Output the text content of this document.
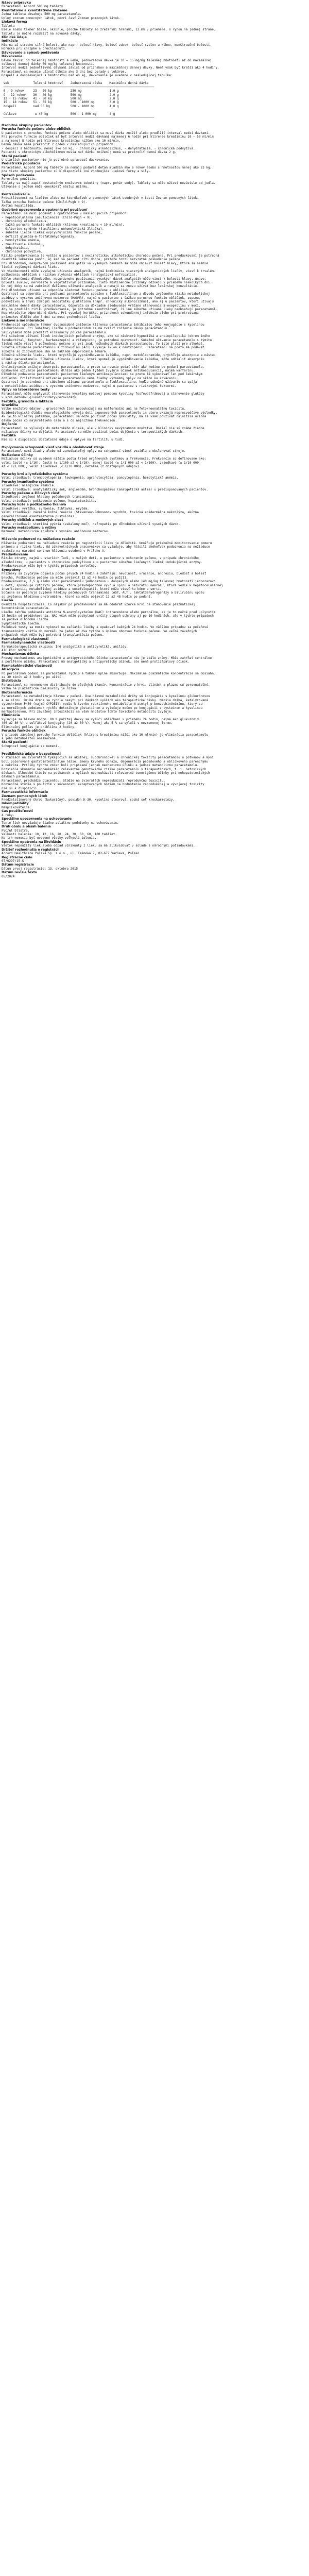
Názov prípravku
Paracetamol Accord 500 mg tablety
Kvalitatívne a kvantitatívne zloženie
Jedna tableta obsahuje 500 mg paracetamolu.
Úplný zoznam pomocných látok, pozri časť Zoznam pomocných látok.
Lieková forma
Tableta
Biele alebo takmer biele, okrúhle, ploché tablety so zrezanými hranami, 12 mm v priemere, s ryhou na jednej strane.
Tabletu je možné rozdeliť na rovnaké dávky.
Klinické údaje
Indikácie
Mierna až stredne silná bolesť, ako napr. bolesť hlavy, bolesť zubov, bolesť svalov a kĺbov, menštruačné bolesti.
Horúčka pri chrípke a prechladnutí.
Dávkovanie a spôsob podávania
Dávkovanie
Dávka závisí od telesnej hmotnosti a veku; jednorazová dávka je 10 – 15 mg/kg telesnej hmotnosti až do maximálnej
celkovej dennej dávky 60 mg/kg telesnej hmotnosti.
Interval medzi jednotlivými dávkami závisí od príznakov a maximálnej dennej dávky. Nemá však byť kratší ako 4 hodiny.
Paracetamol sa nesmie užívať dlhšie ako 3 dni bez porady s lekárom.
Dospelí a dospievajúci s hmotnosťou nad 40 kg, dávkovanie je uvedené v nasledujúcej tabuľke:
Vek             Telesná hmotnosť    Jednorazová dávka    Maximálna denná dávka
─────────────────────────────────────────────────────────────────────────────────
6 - 9 rokov     23 - 29 kg          250 mg               1,0 g
9 - 12 rokov    30 - 40 kg          500 mg               2,0 g
12 - 15 rokov   41 - 50 kg          500 mg               2,0 g
15 - 18 rokov   51 - 55 kg          500 - 1000 mg        3,0 g
dospelí         nad 55 kg           500 - 1000 mg        4,0 g
Celkovo          ≥ 40 kg            500 - 1 000 mg       4 g
─────────────────────────────────────────────────────────────────────────────────
Osobitné skupiny pacientov
Porucha funkcie pečene alebo obličiek
U pacientov s poruchou funkcie pečene alebo obličiek sa musí dávka znížiť alebo predĺžiť interval medzi dávkami.
Pri poruche funkcie obličiek má byť interval medzi dávkami najmenej 6 hodín pri klírense kreatinínu 10 – 50 ml/min
a najmenej 8 hodín pri klírense kreatinínu nižšom ako 10 ml/min.
Denná dávka nemá prekročiť 2 g/deň v nasledujúcich prípadoch:
- dospelí s hmotnosťou menej ako 50 kg, - chronický alkoholizmus, - dehydratácia, - chronická podvýživa.
Pacienti s chronickým alkoholizmom musia mať dávku zníženú; nemá sa prekročiť denná dávka 2 g.
Starší pacienti
U starších pacientov nie je potrebné upravovať dávkovanie.
Pediatrická populácia
Paracetamol Accord 500 mg tablety sa nemajú podávať deťom mladším ako 6 rokov alebo s hmotnosťou menej ako 23 kg,
pre tieto skupiny pacientov sú k dispozícii iné vhodnejšie liekové formy a sily.
Spôsob podávania
Perorálne použitie.
Tablety sa majú zapiť dostatočným množstvom tekutiny (napr. pohár vody). Tablety sa môžu užívať nezávisle od jedla.
Užívanie s jedlom môže oneskoriť nástup účinku.
Kontraindikácie
Precitlivenosť na liečivo alebo na ktorúkoľvek z pomocných látok uvedených v časti Zoznam pomocných látok.
Ťažká porucha funkcie pečene (Child-Pugh > 9).
Akútna hepatitída.
Osobitné upozornenia a opatrenia pri používaní
Paracetamol sa musí podávať s opatrnosťou v nasledujúcich prípadoch:
- hepatocelulárna insuficiencia (Child-Pugh < 9),
- chronický alkoholizmus,
- ťažká porucha funkcie obličiek (klírens kreatinínu < 10 ml/min),
- Gilbertov syndróm (familiárna nehemolytická žltačka),
- súbežná liečba liekmi ovplyvňujúcimi funkcie pečene,
- deficit glukóza-6-fosfátdehydrogenázy,
- hemolytická anémia,
- zneužívanie alkoholu,
- dehydratácia,
- chronická podvýživa.
Riziko predávkovania je vyššie u pacientov s necirhotickou alkoholickou chorobou pečene. Pri predávkovaní je potrebná
okamžitá lekárska pomoc, aj keď sa pacient cíti dobre, pretože hrozí nezvratné poškodenie pečene.
Pri dlhodobom, nesprávnom používaní analgetík vo vysokých dávkach sa môže objaviť bolesť hlavy, ktorá sa nesmie
liečiť zvýšenými dávkami lieku.
Vo všeobecnosti môže zvyčajné užívanie analgetík, najmä kombinácia viacerých analgetických liečiv, viesť k trvalému
poškodeniu obličiek s rizikom zlyhania obličiek (analgetická nefropatia).
Náhle ukončenie dlhodobého, nesprávneho používania vysokých dávok analgetík môže viesť k bolesti hlavy, únave,
bolesti svalov, nervozite a vegetatívnym príznakom. Tieto abstinenčné príznaky odznejú v priebehu niekoľkých dní.
Do tej doby sa má zabrániť ďalšiemu užívaniu analgetík a nemajú sa znovu užívať bez lekárskej konzultácie.
Pri dlhodobom užívaní sa odporúča sledovať funkciu pečene a obličiek.
Opatrnosť sa odporúča pri podávaní paracetamolu súbežne s flukloxacilínom z dôvodu zvýšeného rizika metabolickej
acidózy s vysokou aniónovou medzerou (HAGMA), najmä u pacientov s ťažkou poruchou funkcie obličiek, sepsou,
podvýživou a inými zdrojmi nedostatku glutatiónu (napr. chronický alkoholizmus), ako aj u pacientov, ktorí užívajú
maximálne denné dávky paracetamolu. Odporúča sa dôkladné sledovanie vrátane stanovenia 5-oxoprolínu v moči.
Aby sa predišlo riziku predávkovania, je potrebné skontrolovať, či iné súbežne užívané lieky neobsahujú paracetamol.
Neprekračujte odporúčanú dávku. Pri vysokej horúčke, príznakoch sekundárnej infekcie alebo pri pretrvávaní
príznakov dlhšie ako 3 dni sa musí prehodnotiť liečba.
Liekové a iné interakcie
Probenecid spôsobuje takmer dvojnásobné zníženie klírensu paracetamolu inhibíciou jeho konjugácie s kyselinou
glukurónovou. Pri súbežnej liečbe s probenecidom sa má zvážiť zníženie dávky paracetamolu.
Salicylamid môže predĺžiť eliminačný polčas paracetamolu.
Pri súbežnom užívaní látok indukujúcich pečeňové enzýmy, ako sú niektoré hypnotiká a antiepileptiká (okrem iného
fenobarbital, fenytoín, karbamazepín) a rifampicín, je potrebná opatrnosť. Súbežné užívanie paracetamolu s týmito
liekmi môže viesť k poškodeniu pečene aj pri inak neškodných dávkach paracetamolu. To isté platí pre alkohol.
Súbežné užívanie paracetamolu a zidovudínu (AZT) zvyšuje sklon k neutropénii. Paracetamol sa preto má podávať
súbežne so zidovudínom iba na základe odporúčania lekára.
Súbežné užívanie liekov, ktoré urýchľujú vyprázdňovanie žalúdka, napr. metoklopramidu, urýchľuje absorpciu a nástup
účinku paracetamolu. Súbežné užívanie liekov, ktoré spomaľujú vyprázdňovanie žalúdka, môže oddialiť absorpciu
a nástup účinku paracetamolu.
Cholestyramín znižuje absorpciu paracetamolu, a preto sa nesmie podať skôr ako hodinu po podaní paracetamolu.
Opakované užívanie paracetamolu dlhšie ako jeden týždeň zvyšuje účinok antikoagulancií, najmä warfarínu.
Dlhodobé podávanie paracetamolu pacientom liečeným antikoagulanciami sa preto má vykonávať len pod lekárskym
dohľadom. Príležitostné užívanie paracetamolu nemá žiadny významný vplyv na sklon ku krvácaniu.
Opatrnosť je potrebná pri súbežnom užívaní paracetamolu a flukloxacilínu, keďže súbežné užívanie sa spája
s metabolickou acidózou s vysokou aniónovou medzerou, najmä u pacientov s rizikovými faktormi.
Vplyv na laboratórne testy
Paracetamol môže ovplyvniť stanovenie kyseliny močovej pomocou kyseliny fosfowolfrámovej a stanovenie glukózy
v krvi metódou glukózooxidázy-peroxidázy.
Fertilita, gravidita a laktácia
Gravidita
Veľké množstvo údajov u gravidných žien nepoukazuje na malformačnú ani na feto/neonatálnu toxicitu.
Epidemiologické štúdie neurologického vývoja detí exponovaných paracetamolu in utero ukazujú nepresvedčivé výsledky.
Ak je to klinicky potrebné, paracetamol sa môže používať počas gravidity, má sa však používať najnižšia účinná
dávka počas čo najkratšieho času a s čo najnižšou frekvenciou.
Dojčenie
Paracetamol sa vylučuje do materského mlieka, ale v klinicky nevýznamnom množstve. Dosiaľ nie sú známe žiadne
nežiaduce účinky na dojčatá. Paracetamol sa môže používať počas dojčenia v terapeutických dávkach.
Fertilita
Nie sú k dispozícii dostatočné údaje o vplyve na fertilitu u ľudí.
Ovplyvnenie schopnosti viesť vozidlá a obsluhovať stroje
Paracetamol nemá žiadny alebo má zanedbateľný vplyv na schopnosť viesť vozidlá a obsluhovať stroje.
Nežiaduce účinky
Nežiaduce účinky sú uvedené nižšie podľa tried orgánových systémov a frekvencie. Frekvencie sú definované ako:
veľmi časté (≥ 1/10), časté (≥ 1/100 až < 1/10), menej časté (≥ 1/1 000 až < 1/100), zriedkavé (≥ 1/10 000
až < 1/1 000), veľmi zriedkavé (< 1/10 000), neznáme (z dostupných údajov).
Poruchy krvi a lymfatického systému
Veľmi zriedkavé: trombocytopénia, leukopénia, agranulocytóza, pancytopénia, hemolytická anémia.
Poruchy imunitného systému
Zriedkavé: alergické reakcie.
Veľmi zriedkavé: anafylaktický šok, angioedém, bronchospazmus (analgetická astma) u predisponovaných pacientov.
Poruchy pečene a žlčových ciest
Zriedkavé: zvýšené hladiny pečeňových transamináz.
Veľmi zriedkavé: poškodenie pečene, hepatotoxicita.
Poruchy kože a podkožného tkaniva
Zriedkavé: vyrážka, svrbenie, žihľavka, erytém.
Veľmi zriedkavé: závažné kožné reakcie (Stevensov-Johnsonov syndróm, toxická epidermálna nekrolýza, akútna
generalizovaná exantematózna pustulóza).
Poruchy obličiek a močových ciest
Veľmi zriedkavé: sterilná pyúria (zakalený moč), nefropatia po dlhodobom užívaní vysokých dávok.
Poruchy metabolizmu a výživy
Neznáme: metabolická acidóza s vysokou aniónovou medzerou.
Hlásenie podozrení na nežiaduce reakcie
Hlásenie podozrení na nežiaduce reakcie po registrácii lieku je dôležité. Umožňuje priebežné monitorovanie pomeru
prínosu a rizika lieku. Od zdravotníckych pracovníkov sa vyžaduje, aby hlásili akékoľvek podozrenia na nežiaduce
reakcie na národné centrum hlásenia uvedené v Prílohe V.
Predávkovanie
Riziko otravy, najmä u starších ľudí, u malých detí, u pacientov s ochorením pečene, v prípade chronického
alkoholizmu, u pacientov s chronickou podvýživou a u pacientov súbežne liečených liekmi indukujúcimi enzýmy.
Predávkovanie môže byť v týchto prípadoch smrteľné.
Symptómy
Príznaky sa zvyčajne objavia počas prvých 24 hodín a zahŕňajú: nevoľnosť, vracanie, anorexiu, bledosť a bolesť
brucha. Poškodenie pečene sa môže prejaviť 12 až 48 hodín po požití.
Predávkovanie, 7,5 g alebo viac paracetamolu jednorazovo u dospelých alebo 140 mg/kg telesnej hmotnosti jednorazovo
u detí, spôsobuje cytolýzu pečene, ktorá pravdepodobne vyvolá úplnú a nezvratnú nekrózu, ktorá vedie k hepatocelulárnej
insuficiencii, metabolickej acidóze a encefalopatii, ktoré môžu viesť ku kóme a smrti.
Súčasne sa pozorujú zvýšené hladiny pečeňových transamináz (AST, ALT), laktátdehydrogenázy a bilirubínu spolu
so zvýšenou hladinou protrombínu, ktoré sa môžu objaviť 12 až 48 hodín po podaní.
Liečba
Okamžitá hospitalizácia. Čo najskôr po predávkovaní sa má odobrať vzorka krvi na stanovenie plazmatickej
koncentrácie paracetamolu.
Liečba zahŕňa podávanie antidota N-acetylcysteínu (NAC) intravenózne alebo perorálne, ak je to možné pred uplynutím
10 hodín od predávkovania. NAC však môže poskytnúť určitý stupeň ochrany aj po 10 hodinách, ale v týchto prípadoch
sa podáva dlhodobá liečba.
Symptomatická liečba.
Pečeňové testy sa musia vykonať na začiatku liečby a opakovať každých 24 hodín. Vo väčšine prípadov sa pečeňové
transaminázy vrátia do normálu za jeden až dva týždne s úplnou obnovou funkcie pečene. Vo veľmi závažných
prípadoch však môže byť potrebná transplantácia pečene.
Farmakologické vlastnosti
Farmakodynamické vlastnosti
Farmakoterapeutická skupina: Iné analgetiká a antipyretiká, anilidy.
ATC kód: N02BE01
Mechanizmus účinku
Presný mechanizmus analgetického a antipyretického účinku paracetamolu nie je stále známy. Môže zahŕňať centrálne
a periférne účinky. Paracetamol má analgetický a antipyretický účinok, ale nemá protizápalový účinok.
Farmakokinetické vlastnosti
Absorpcia
Po perorálnom podaní sa paracetamol rýchlo a takmer úplne absorbuje. Maximálne plazmatické koncentrácie sa dosiahnu
za 30 minút až 2 hodiny po užití.
Distribúcia
Paracetamol sa rovnomerne distribuuje do všetkých tkanív. Koncentrácie v krvi, slinách a plazme sú porovnateľné.
Väzba na plazmatické bielkoviny je nízka.
Biotransformácia
Paracetamol sa metabolizuje hlavne v pečeni. Dve hlavné metabolické dráhy sú konjugácia s kyselinou glukurónovou
a so sírou. Druhá dráha sa rýchlo nasýti pri dávkach vyšších ako terapeutické dávky. Menšia dráha, katalyzovaná
cytochrómom P450 (najmä CYP2E1), vedie k tvorbe reaktívneho metabolitu N-acetyl-p-benzochinónimínu, ktorý sa
za normálnych podmienok rýchlo detoxikuje glutatiónom a vylučuje močom po konjugácii s cysteínom a kyselinou
merkaptúrovou. Pri závažnej intoxikácii sa však množstvo tohto toxického metabolitu zvyšuje.
Eliminácia
Vylučuje sa hlavne močom. 90 % požitej dávky sa vylúči obličkami v priebehu 24 hodín, najmä ako glukuronid
(60 až 80 %) a sulfátové konjugáty (20 až 30 %). Menej ako 5 % sa vylúči v nezmenenej forme.
Eliminačný polčas je približne 2 hodiny.
Porucha funkcie obličiek
V prípade závažnej poruchy funkcie obličiek (klírens kreatinínu nižší ako 10 ml/min) je eliminácia paracetamolu
a jeho metabolitov oneskorená.
Starší pacienti
Schopnosť konjugácie sa nemení.
Predklinické údaje o bezpečnosti
V štúdiách na zvieratách týkajúcich sa akútnej, subchronickej a chronickej toxicity paracetamolu u potkanov a myší
boli pozorované gastrointestinálne lézie, zmeny krvného obrazu, degenerácia pečeňového a obličkového parenchýmu
a nekróza. Príčiny týchto zmien boli pripísané jednak mechanizmu účinku a jednak metabolizmu paracetamolu.
Rozsiahle skúmanie nepreukázalo relevantné genotoxické riziko paracetamolu v terapeutických, t. j. netoxických
dávkach. Dlhodobé štúdie na potkanoch a myšiach nepreukázali relevantné tumorigénne účinky pri nehepatotoxických
dávkach paracetamolu.
Paracetamol prechádza placentou. Štúdie na zvieratách nepreukázali reprodukčnú toxicitu.
Konvenčné štúdie s použitím v súčasnosti akceptovaných noriem na hodnotenie reprodukčnej a vývojovej toxicity
nie sú k dispozícii.
Farmaceutické informácie
Zoznam pomocných látok
Predželatínovaný škrob (kukuričný), povidón K-30, kyselina stearová, sodná soľ kroskarmelózy.
Inkompatibility
Neaplikovateľné.
Čas použiteľnosti
4 roky.
Špeciálne upozornenia na uchovávanie
Tento liek nevyžaduje žiadne zvláštne podmienky na uchovávanie.
Druh obalu a obsah balenia
PVC/Al blistre.
Veľkosti balenia: 10, 12, 16, 20, 24, 30, 50, 60, 100 tabliet.
Na trh nemusia byť uvedené všetky veľkosti balenia.
Špeciálne opatrenia na likvidáciu
Všetok nepoužitý liek alebo odpad vzniknutý z lieku sa má zlikvidovať v súlade s národnými požiadavkami.
Držiteľ rozhodnutia o registrácii
Accord Healthcare Polska Sp. z o.o., ul. Taśmowa 7, 02-677 Varšava, Poľsko
Registračné číslo
07/0297/15-S
Dátum registrácie
Dátum prvej registrácie: 13. októbra 2015
Dátum revízie textu
05/2024
